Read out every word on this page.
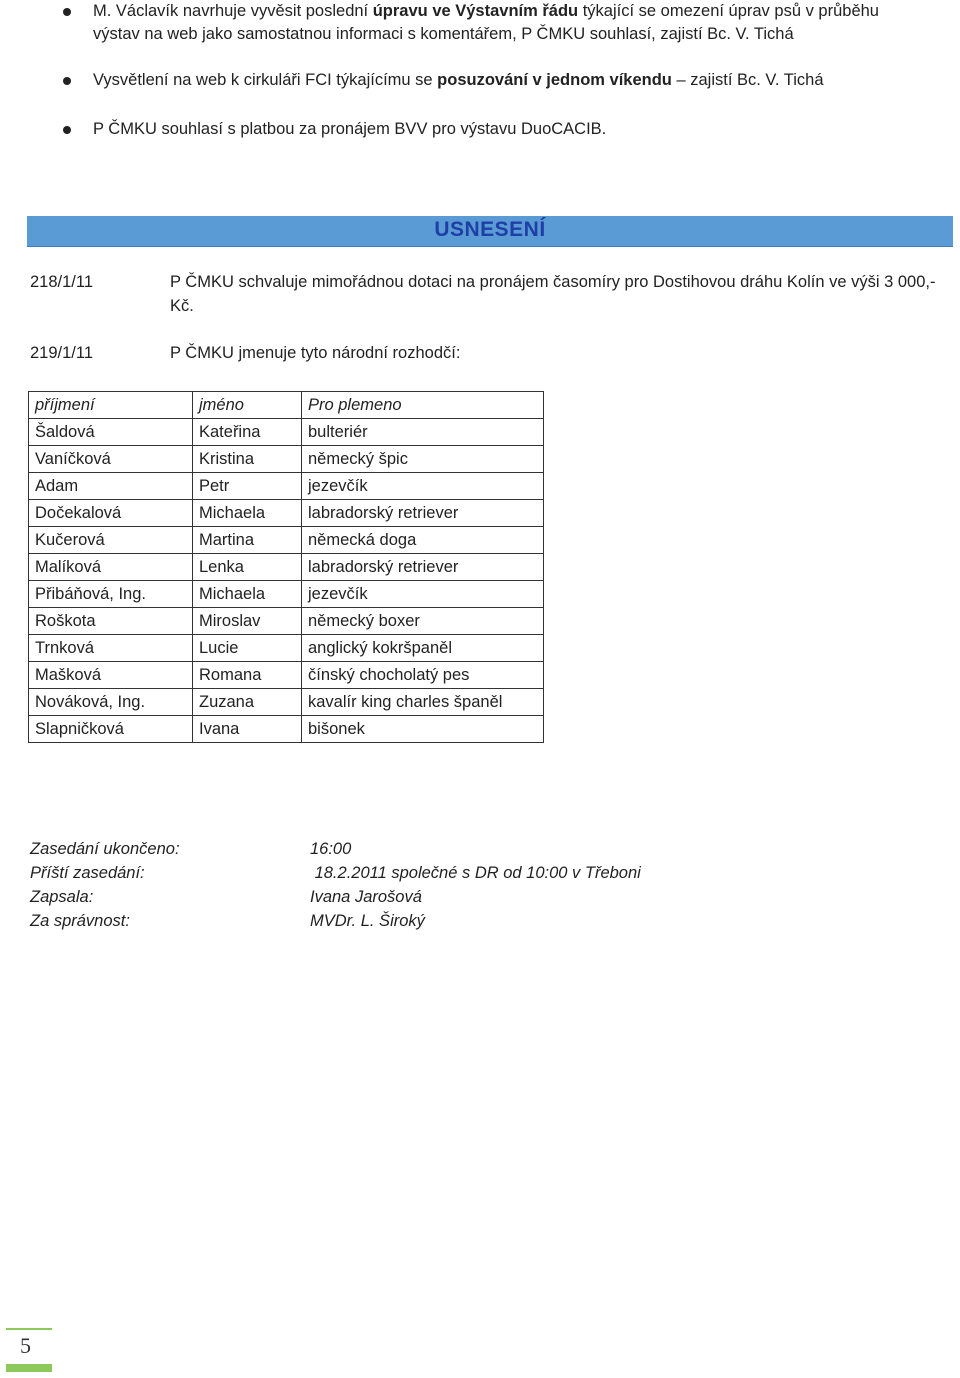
M. Václavík navrhuje vyvěsit poslední úpravu ve Výstavním řádu týkající se omezení úprav psů v průběhu
výstav na web jako samostatnou informaci s komentářem, P ČMKU souhlasí, zajistí Bc. V. Tichá
Vysvětlení na web k cirkuláři FCI týkajícímu se posuzování v jednom víkendu – zajistí Bc. V. Tichá
P ČMKU souhlasí s platbou za pronájem BVV pro výstavu DuoCACIB.
USNESENÍ
218/1/11	P ČMKU schvaluje mimořádnou dotaci na pronájem časomíry pro Dostihovou dráhu Kolín ve výši 3 000,- Kč.
219/1/11	P ČMKU jmenuje tyto národní rozhodčí:
příjmení	jméno	Pro plemeno
Šaldová	Kateřina	bulteriér
Vaníčková	Kristina	německý špic
Adam	Petr	jezevčík
Dočekalová	Michaela	labradorský retriever
Kučerová	Martina	německá doga
Malíková	Lenka	labradorský retriever
Přibáňová, Ing.	Michaela	jezevčík
Roškota	Miroslav	německý boxer
Trnková	Lucie	anglický kokršpaněl
Mašková	Romana	čínský chocholatý pes
Nováková, Ing.	Zuzana	kavalír king charles španěl
Slapničková	Ivana	bišonek
Zasedání ukončeno:	16:00
Příští zasedání:	18.2.2011 společné s DR od 10:00 v Třeboni
Zapsala:	Ivana Jarošová
Za správnost:	MVDr. L. Široký
5
